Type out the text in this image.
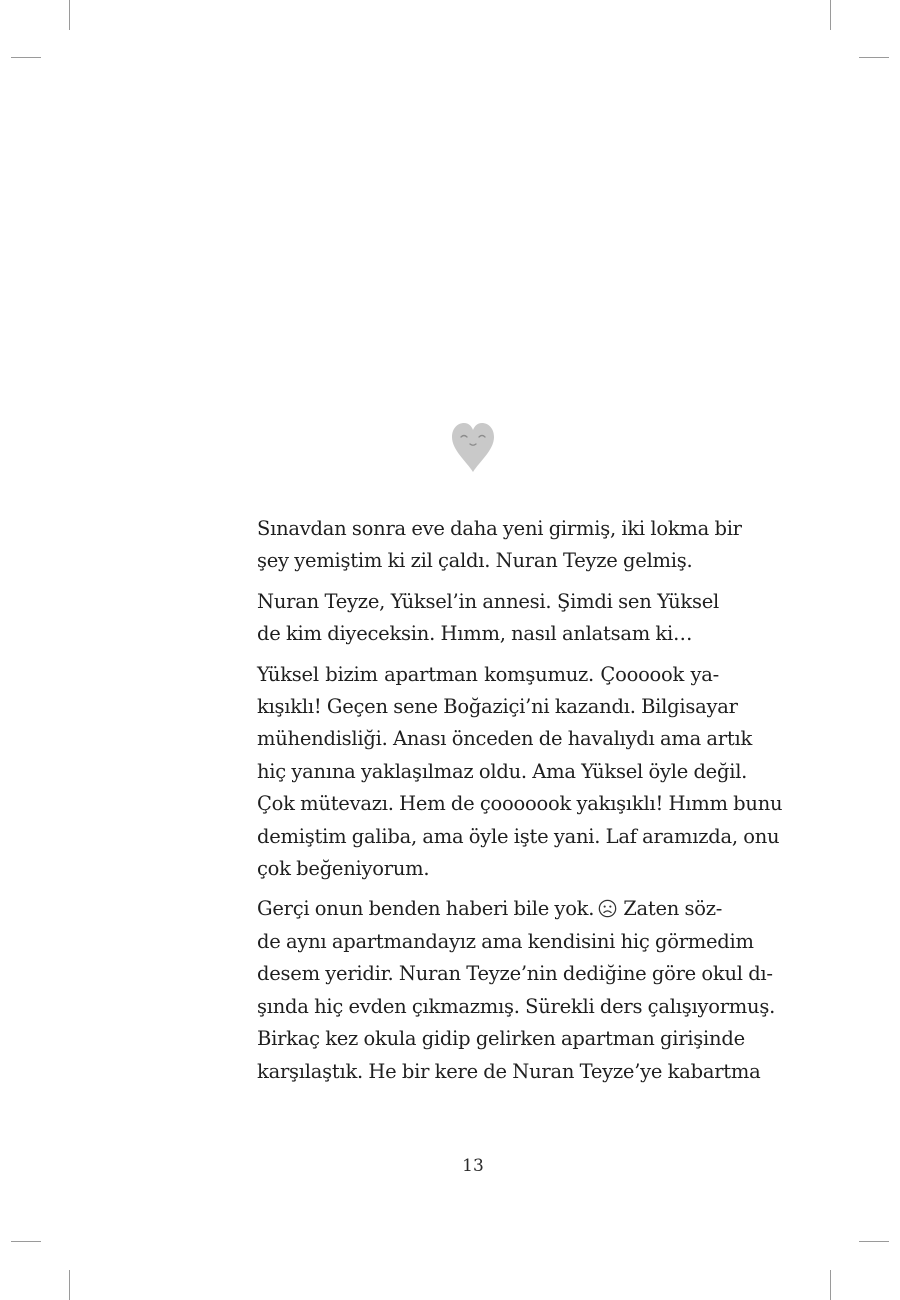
Sınavdan sonra eve daha yeni girmiş, iki lokma bir
şey yemiştim ki zil çaldı. Nuran Teyze gelmiş.

Nuran Teyze, Yüksel’in annesi. Şimdi sen Yüksel
de kim diyeceksin. Hımm, nasıl anlatsam ki…

Yüksel bizim apartman komşumuz. Çoooook ya-
kışıklı! Geçen sene Boğaziçi’ni kazandı. Bilgisayar
mühendisliği. Anası önceden de havalıydı ama artık
hiç yanına yaklaşılmaz oldu. Ama Yüksel öyle değil.
Çok mütevazı. Hem de çooooook yakışıklı! Hımm bunu
demiştim galiba, ama öyle işte yani. Laf aramızda, onu
çok beğeniyorum.

Gerçi onun benden haberi bile yok. Zaten söz-
de aynı apartmandayız ama kendisini hiç görmedim
desem yeridir. Nuran Teyze’nin dediğine göre okul dı-
şında hiç evden çıkmazmış. Sürekli ders çalışıyormuş.
Birkaç kez okula gidip gelirken apartman girişinde
karşılaştık. He bir kere de Nuran Teyze’ye kabartma

13
